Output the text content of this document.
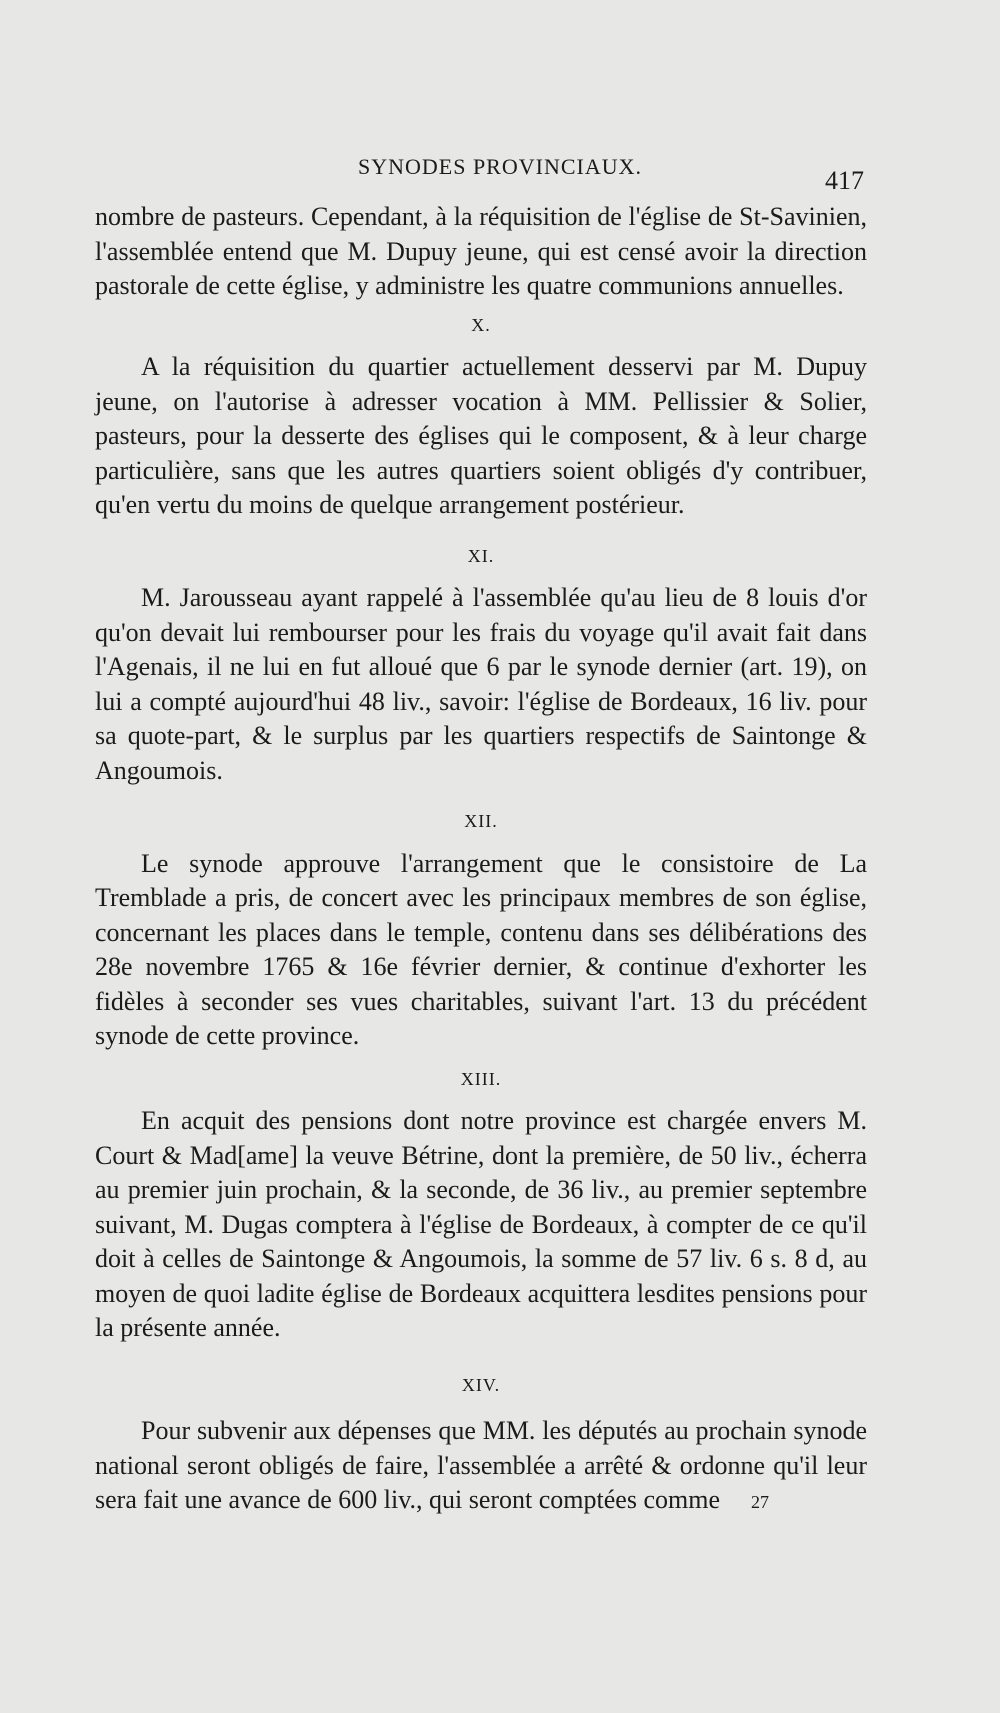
SYNODES PROVINCIAUX.	417

nombre de pasteurs. Cependant, à la réquisition de l'église de St-Savinien, l'assemblée entend que M. Dupuy jeune, qui est censé avoir la direction pastorale de cette église, y administre les quatre communions annuelles.

X.

A la réquisition du quartier actuellement desservi par M. Dupuy jeune, on l'autorise à adresser vocation à MM. Pellissier & Solier, pasteurs, pour la desserte des églises qui le composent, & à leur charge particulière, sans que les autres quartiers soient obligés d'y contribuer, qu'en vertu du moins de quelque arrangement postérieur.

XI.

M. Jarousseau ayant rappelé à l'assemblée qu'au lieu de 8 louis d'or qu'on devait lui rembourser pour les frais du voyage qu'il avait fait dans l'Agenais, il ne lui en fut alloué que 6 par le synode dernier (art. 19), on lui a compté aujourd'hui 48 liv., savoir: l'église de Bordeaux, 16 liv. pour sa quote-part, & le surplus par les quartiers respectifs de Saintonge & Angoumois.

XII.

Le synode approuve l'arrangement que le consistoire de La Tremblade a pris, de concert avec les principaux membres de son église, concernant les places dans le temple, contenu dans ses délibérations des 28e novembre 1765 & 16e février dernier, & continue d'exhorter les fidèles à seconder ses vues charitables, suivant l'art. 13 du précédent synode de cette province.

XIII.

En acquit des pensions dont notre province est chargée envers M. Court & Mad[ame] la veuve Bétrine, dont la première, de 50 liv., écherra au premier juin prochain, & la seconde, de 36 liv., au premier septembre suivant, M. Dugas comptera à l'église de Bordeaux, à compter de ce qu'il doit à celles de Saintonge & Angoumois, la somme de 57 liv. 6 s. 8 d, au moyen de quoi ladite église de Bordeaux acquittera lesdites pensions pour la présente année.

XIV.

Pour subvenir aux dépenses que MM. les députés au prochain synode national seront obligés de faire, l'assemblée a arrêté & ordonne qu'il leur sera fait une avance de 600 liv., qui seront comptées comme	27
